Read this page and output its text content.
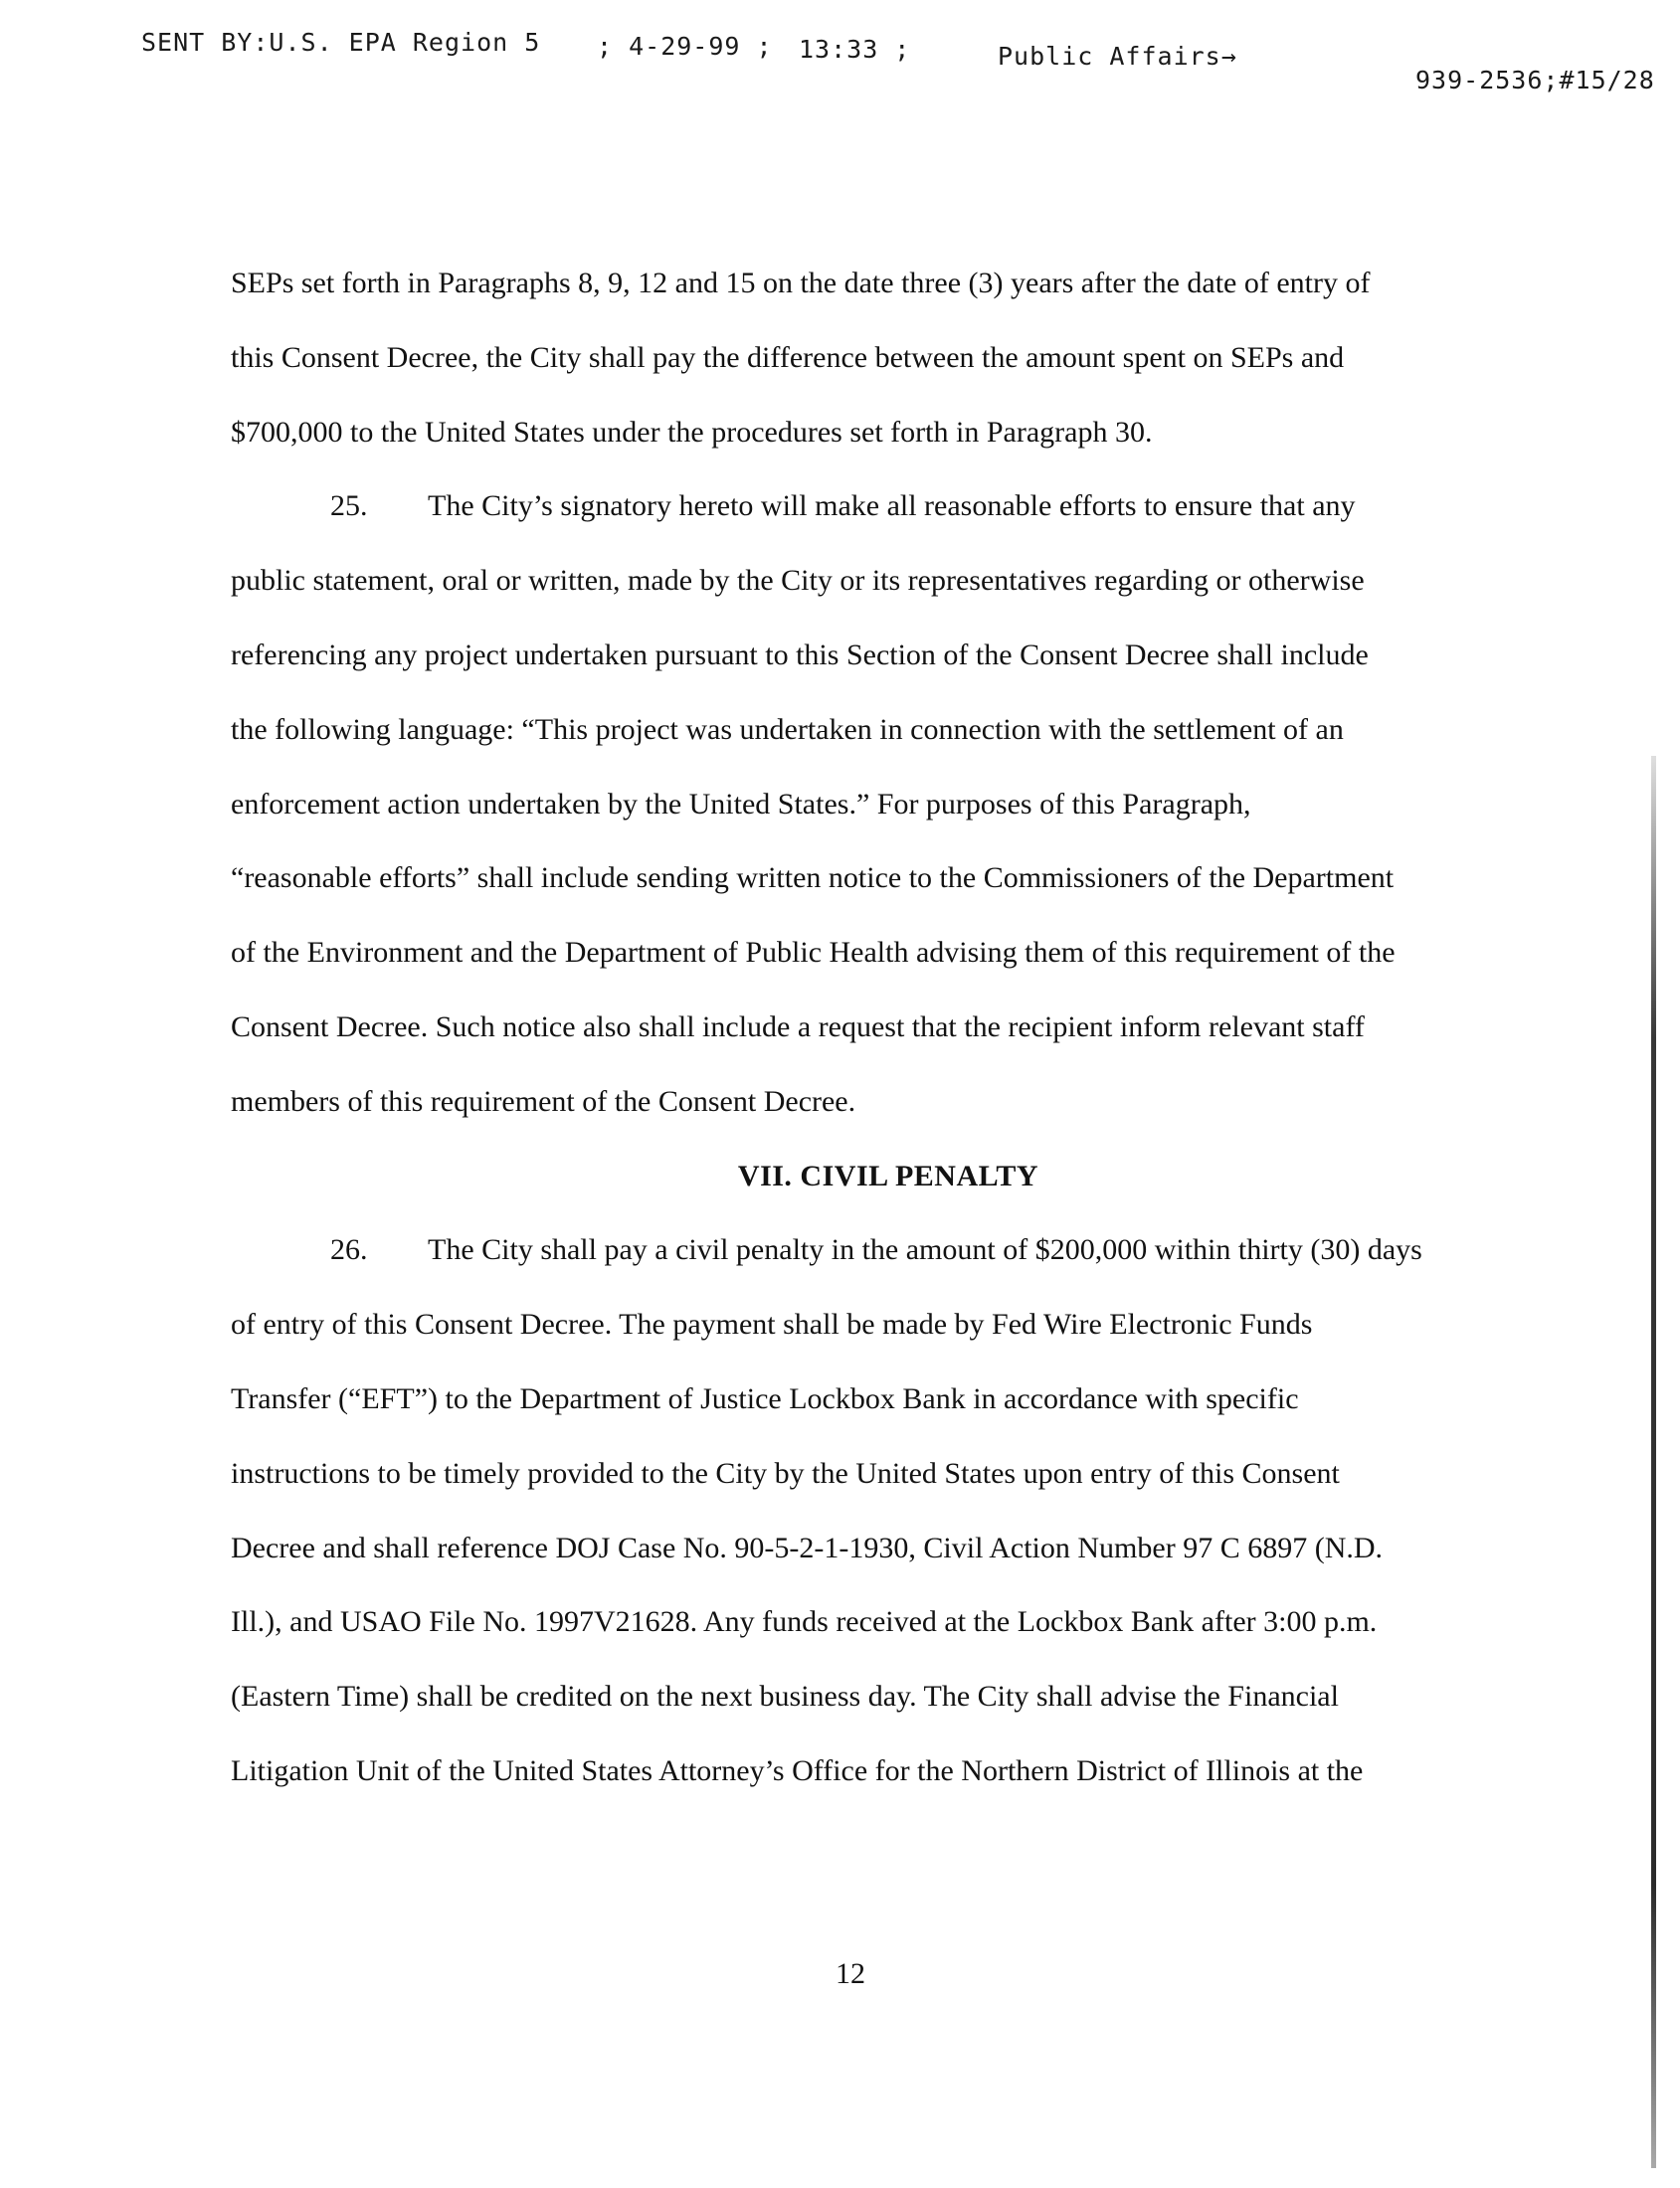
SENT BY:U.S. EPA Region 5 ; 4-29-99 ; 13:33 ;	Public Affairs→
939-2536;#15/28
SEPs set forth in Paragraphs 8, 9, 12 and 15 on the date three (3) years after the date of entry of
this Consent Decree, the City shall pay the difference between the amount spent on SEPs and
$700,000 to the United States under the procedures set forth in Paragraph 30.
25. The City’s signatory hereto will make all reasonable efforts to ensure that any
public statement, oral or written, made by the City or its representatives regarding or otherwise
referencing any project undertaken pursuant to this Section of the Consent Decree shall include
the following language: “This project was undertaken in connection with the settlement of an
enforcement action undertaken by the United States.” For purposes of this Paragraph,
“reasonable efforts” shall include sending written notice to the Commissioners of the Department
of the Environment and the Department of Public Health advising them of this requirement of the
Consent Decree. Such notice also shall include a request that the recipient inform relevant staff
members of this requirement of the Consent Decree.
VII. CIVIL PENALTY
26. The City shall pay a civil penalty in the amount of $200,000 within thirty (30) days
of entry of this Consent Decree. The payment shall be made by Fed Wire Electronic Funds
Transfer (“EFT”) to the Department of Justice Lockbox Bank in accordance with specific
instructions to be timely provided to the City by the United States upon entry of this Consent
Decree and shall reference DOJ Case No. 90-5-2-1-1930, Civil Action Number 97 C 6897 (N.D.
Ill.), and USAO File No. 1997V21628. Any funds received at the Lockbox Bank after 3:00 p.m.
(Eastern Time) shall be credited on the next business day. The City shall advise the Financial
Litigation Unit of the United States Attorney’s Office for the Northern District of Illinois at the
12
